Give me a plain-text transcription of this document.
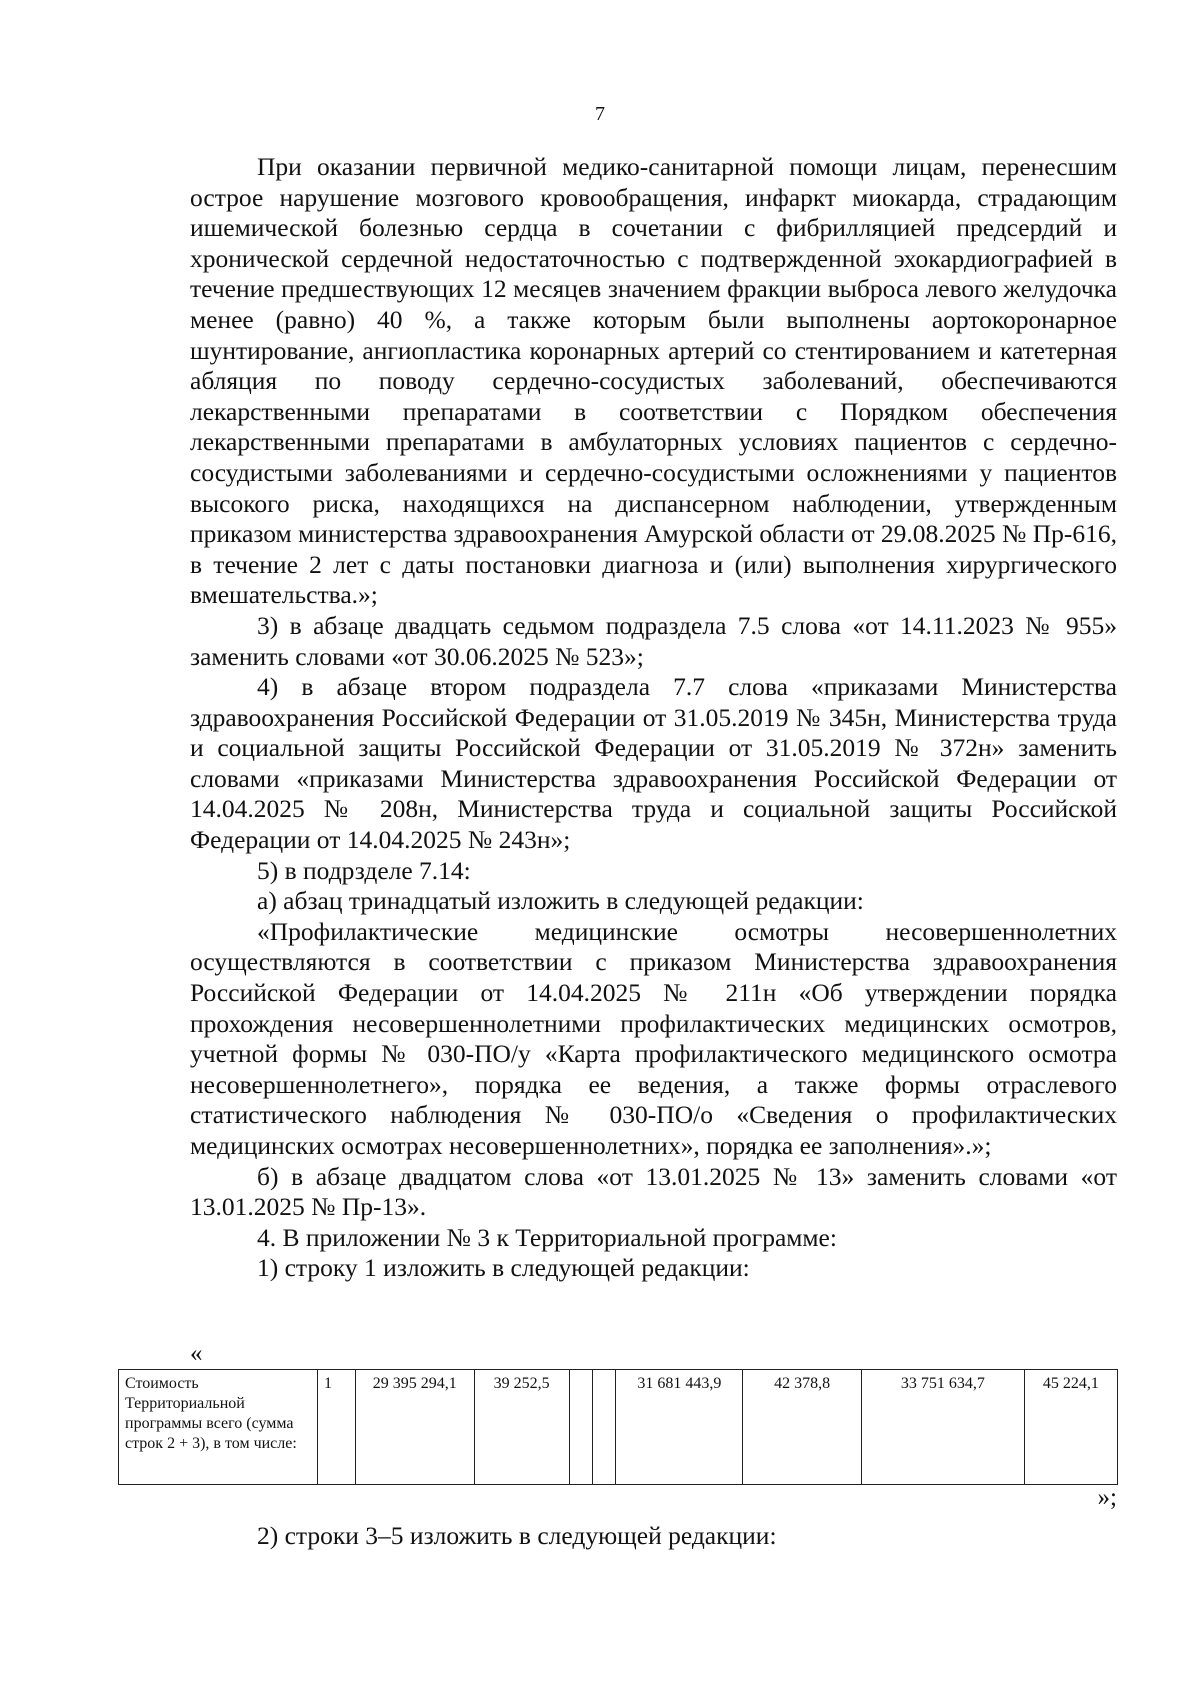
7

При оказании первичной медико-санитарной помощи лицам, перенесшим острое нарушение мозгового кровообращения, инфаркт миокарда, страдающим ишемической болезнью сердца в сочетании с фибрилляцией предсердий и хронической сердечной недостаточностью с подтвержденной эхокардиографией в течение предшествующих 12 месяцев значением фракции выброса левого желудочка менее (равно) 40 %, а также которым были выполнены аортокоронарное шунтирование, ангиопластика коронарных артерий со стентированием и катетерная абляция по поводу сердечно-сосудистых заболеваний, обеспечиваются лекарственными препаратами в соответствии с Порядком обеспечения лекарственными препаратами в амбулаторных условиях пациентов с сердечно-сосудистыми заболеваниями и сердечно-сосудистыми осложнениями у пациентов высокого риска, находящихся на диспансерном наблюдении, утвержденным приказом министерства здравоохранения Амурской области от 29.08.2025 № Пр-616, в течение 2 лет с даты постановки диагноза и (или) выполнения хирургического вмешательства.»;

3) в абзаце двадцать седьмом подраздела 7.5 слова «от 14.11.2023 № 955» заменить словами «от 30.06.2025 № 523»;

4) в абзаце втором подраздела 7.7 слова «приказами Министерства здравоохранения Российской Федерации от 31.05.2019 № 345н, Министерства труда и социальной защиты Российской Федерации от 31.05.2019 № 372н» заменить словами «приказами Министерства здравоохранения Российской Федерации от 14.04.2025 № 208н, Министерства труда и социальной защиты Российской Федерации от 14.04.2025 № 243н»;

5) в подрзделе 7.14:

а) абзац тринадцатый изложить в следующей редакции:

«Профилактические медицинские осмотры несовершеннолетних осуществляются в соответствии с приказом Министерства здравоохранения Российской Федерации от 14.04.2025 № 211н «Об утверждении порядка прохождения несовершеннолетними профилактических медицинских осмотров, учетной формы № 030-ПО/у «Карта профилактического медицинского осмотра несовершеннолетнего», порядка ее ведения, а также формы отраслевого статистического наблюдения № 030-ПО/о «Сведения о профилактических медицинских осмотрах несовершеннолетних», порядка ее заполнения».»;

б) в абзаце двадцатом слова «от 13.01.2025 № 13» заменить словами «от 13.01.2025 № Пр-13».

4. В приложении № 3 к Территориальной программе:

1) строку 1 изложить в следующей редакции:

«
Стоимость Территориальной программы всего (сумма строк 2 + 3), в том числе:	1	29 395 294,1	39 252,5			31 681 443,9	42 378,8	33 751 634,7	45 224,1
»;
2) строки 3–5 изложить в следующей редакции:
